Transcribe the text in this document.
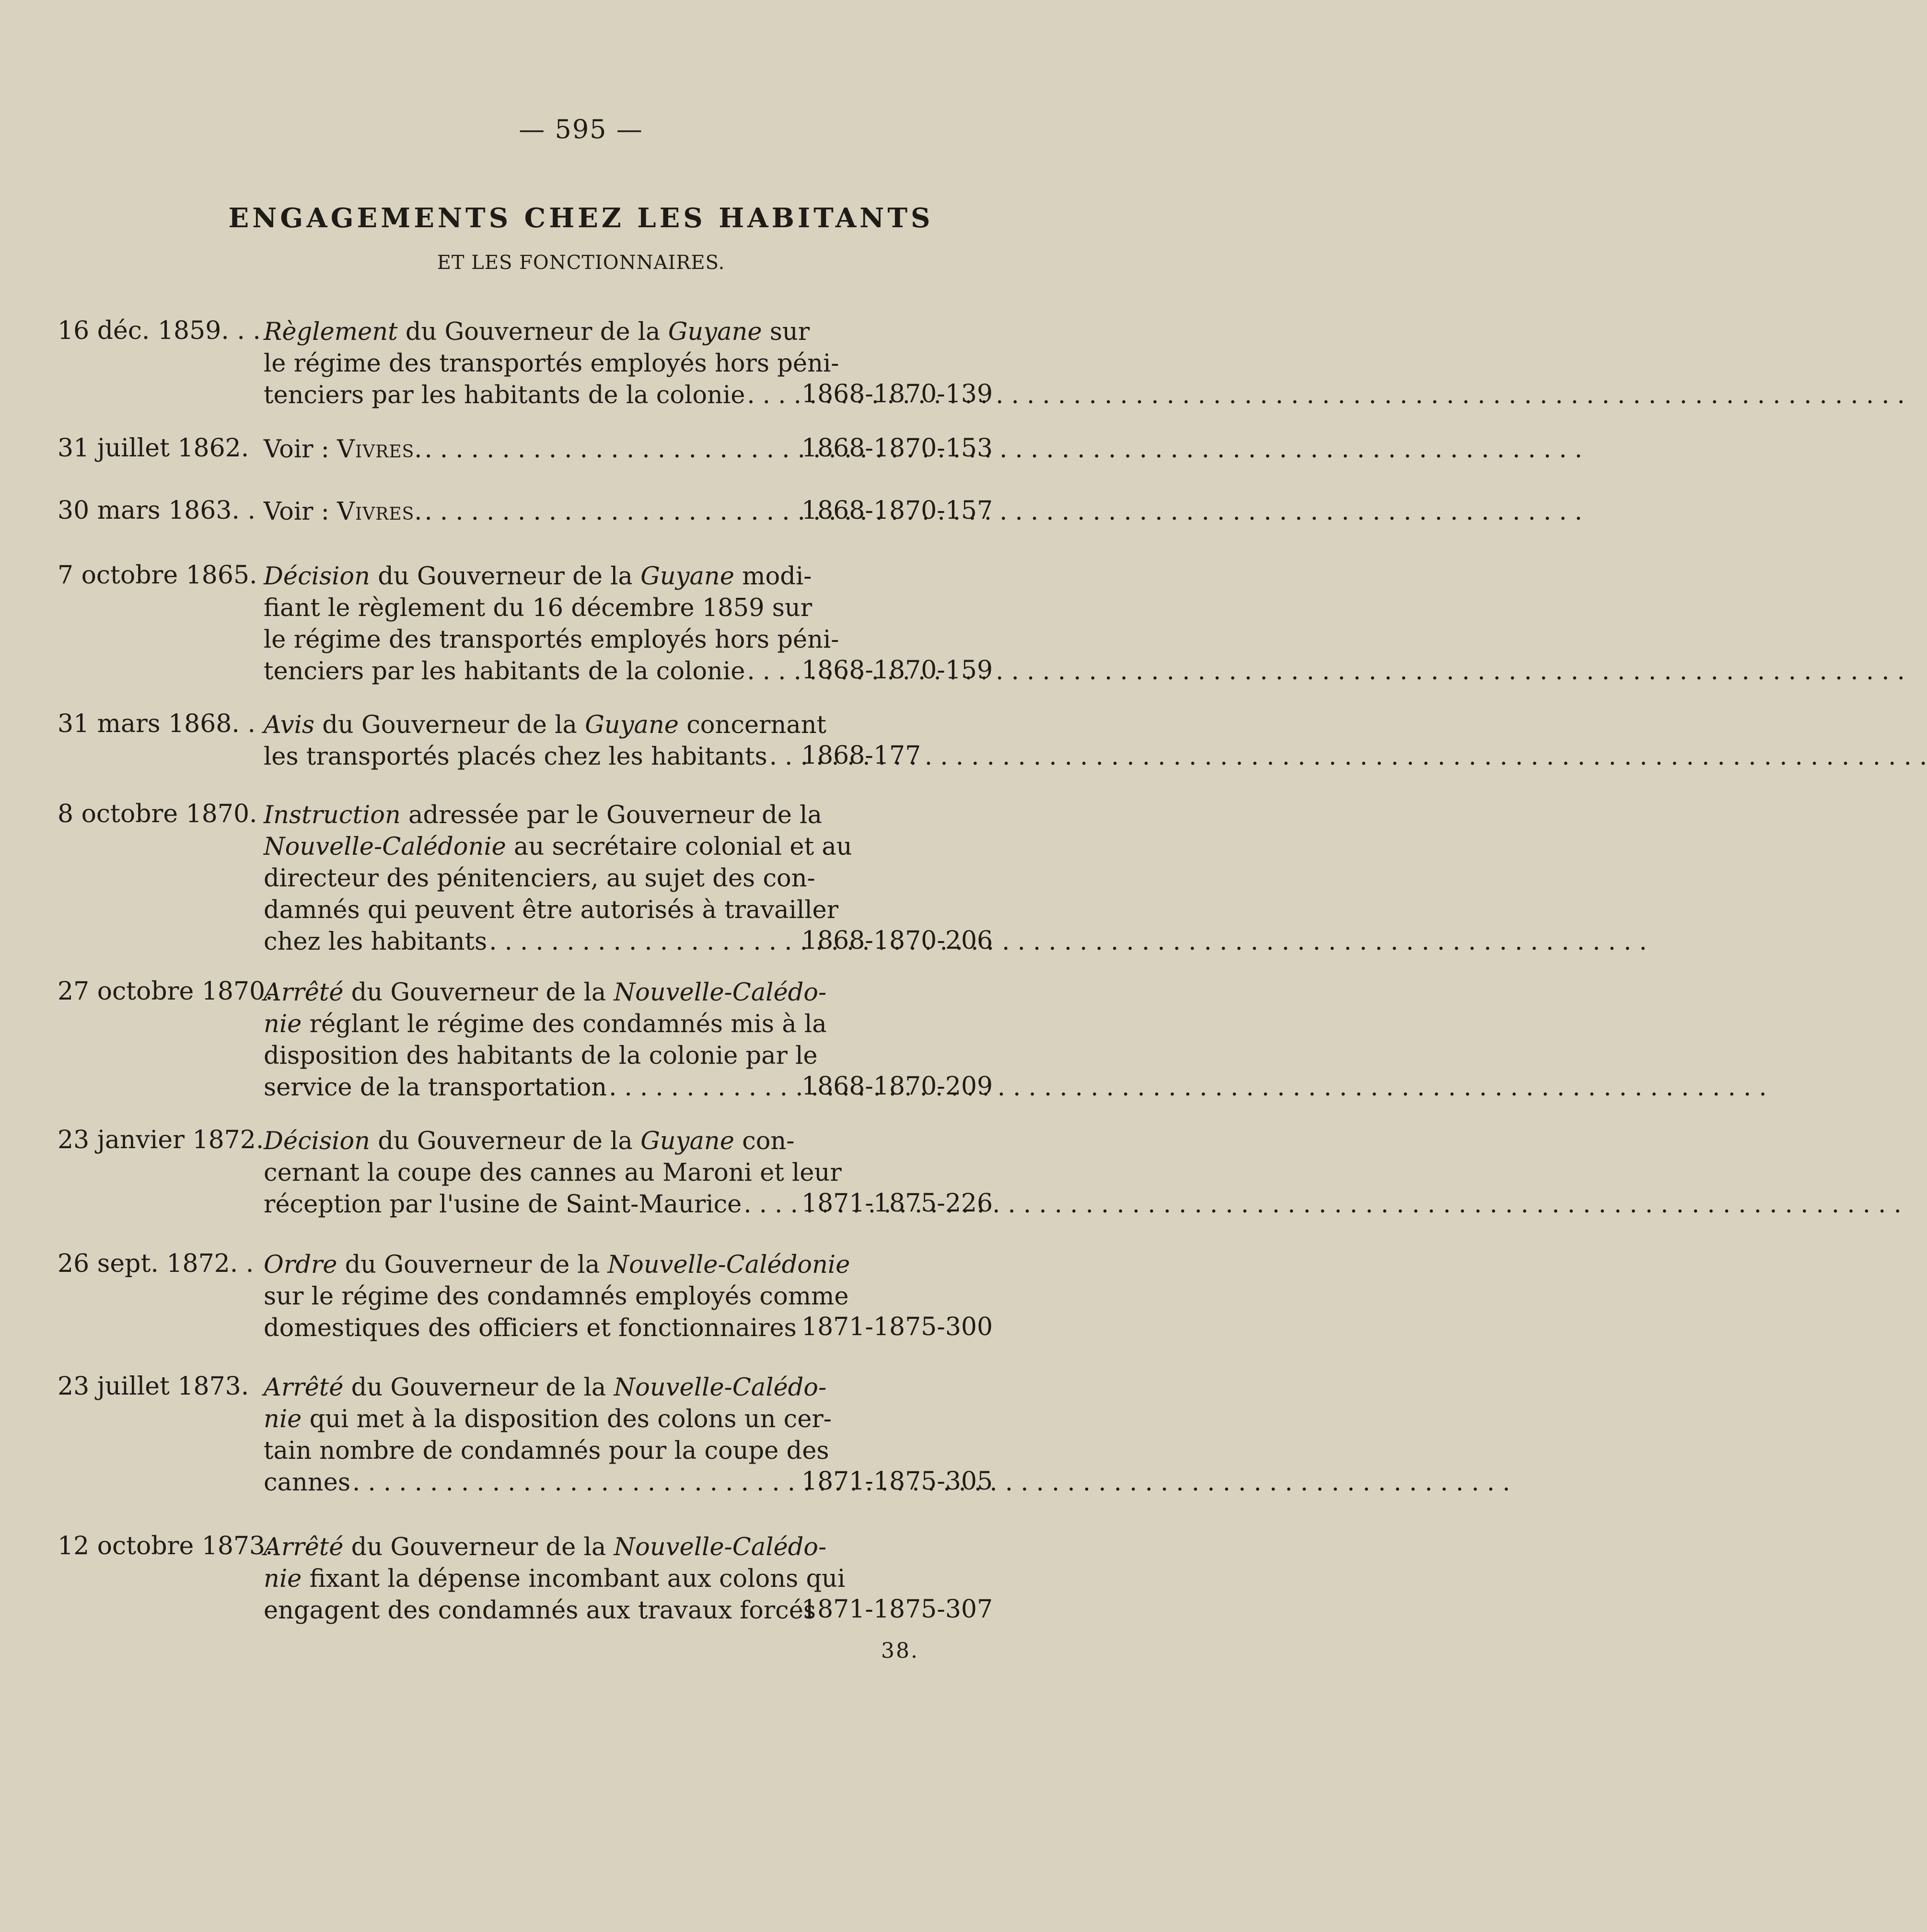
— 595 —
ENGAGEMENTS CHEZ LES HABITANTS
ET LES FONCTIONNAIRES.
16 déc. 1859. . . Règlement du Gouverneur de la Guyane sur
le régime des transportés employés hors péni-
tenciers par les habitants de la colonie . . . 1868-1870-139
31 juillet 1862. Voir : Vivres. . . .	1868-1870-153
30 mars 1863. . Voir : Vivres. . . .	1868-1870-157
7 octobre 1865. Décision du Gouverneur de la Guyane modi-
fiant le règlement du 16 décembre 1859 sur
le régime des transportés employés hors péni-
tenciers par les habitants de la colonie . . . 1868-1870-159
31 mars 1868. . Avis du Gouverneur de la Guyane concernant
les transportés placés chez les habitants . . . 1868-177
8 octobre 1870. Instruction adressée par le Gouverneur de la
Nouvelle-Calédonie au secrétaire colonial et au
directeur des pénitenciers, au sujet des con-
damnés qui peuvent être autorisés à travailler
chez les habitants . . .	1868-1870-206
27 octobre 1870.
Arrêté du Gouverneur de la Nouvelle-Calédo-
nie réglant le régime des condamnés mis à la
disposition des habitants de la colonie par le
service de la transportation . . .	1868-1870-209
23 janvier 1872. Décision du Gouverneur de la Guyane con-
cernant la coupe des cannes au Maroni et leur
réception par l'usine de Saint-Maurice . . . 1871-1875-226
26 sept. 1872. . Ordre du Gouverneur de la Nouvelle-Calédonie
sur le régime des condamnés employés comme
domestiques des officiers et fonctionnaires 1871-1875-300
23 juillet 1873. Arrêté du Gouverneur de la Nouvelle-Calédo-
nie qui met à la disposition des colons un cer-
tain nombre de condamnés pour la coupe des
cannes . . .	1871-1875-305
12 octobre 1873.
Arrêté du Gouverneur de la Nouvelle-Calédo-
nie fixant la dépense incombant aux colons qui
engagent des condamnés aux travaux forcés
1871-1875-307
38.
